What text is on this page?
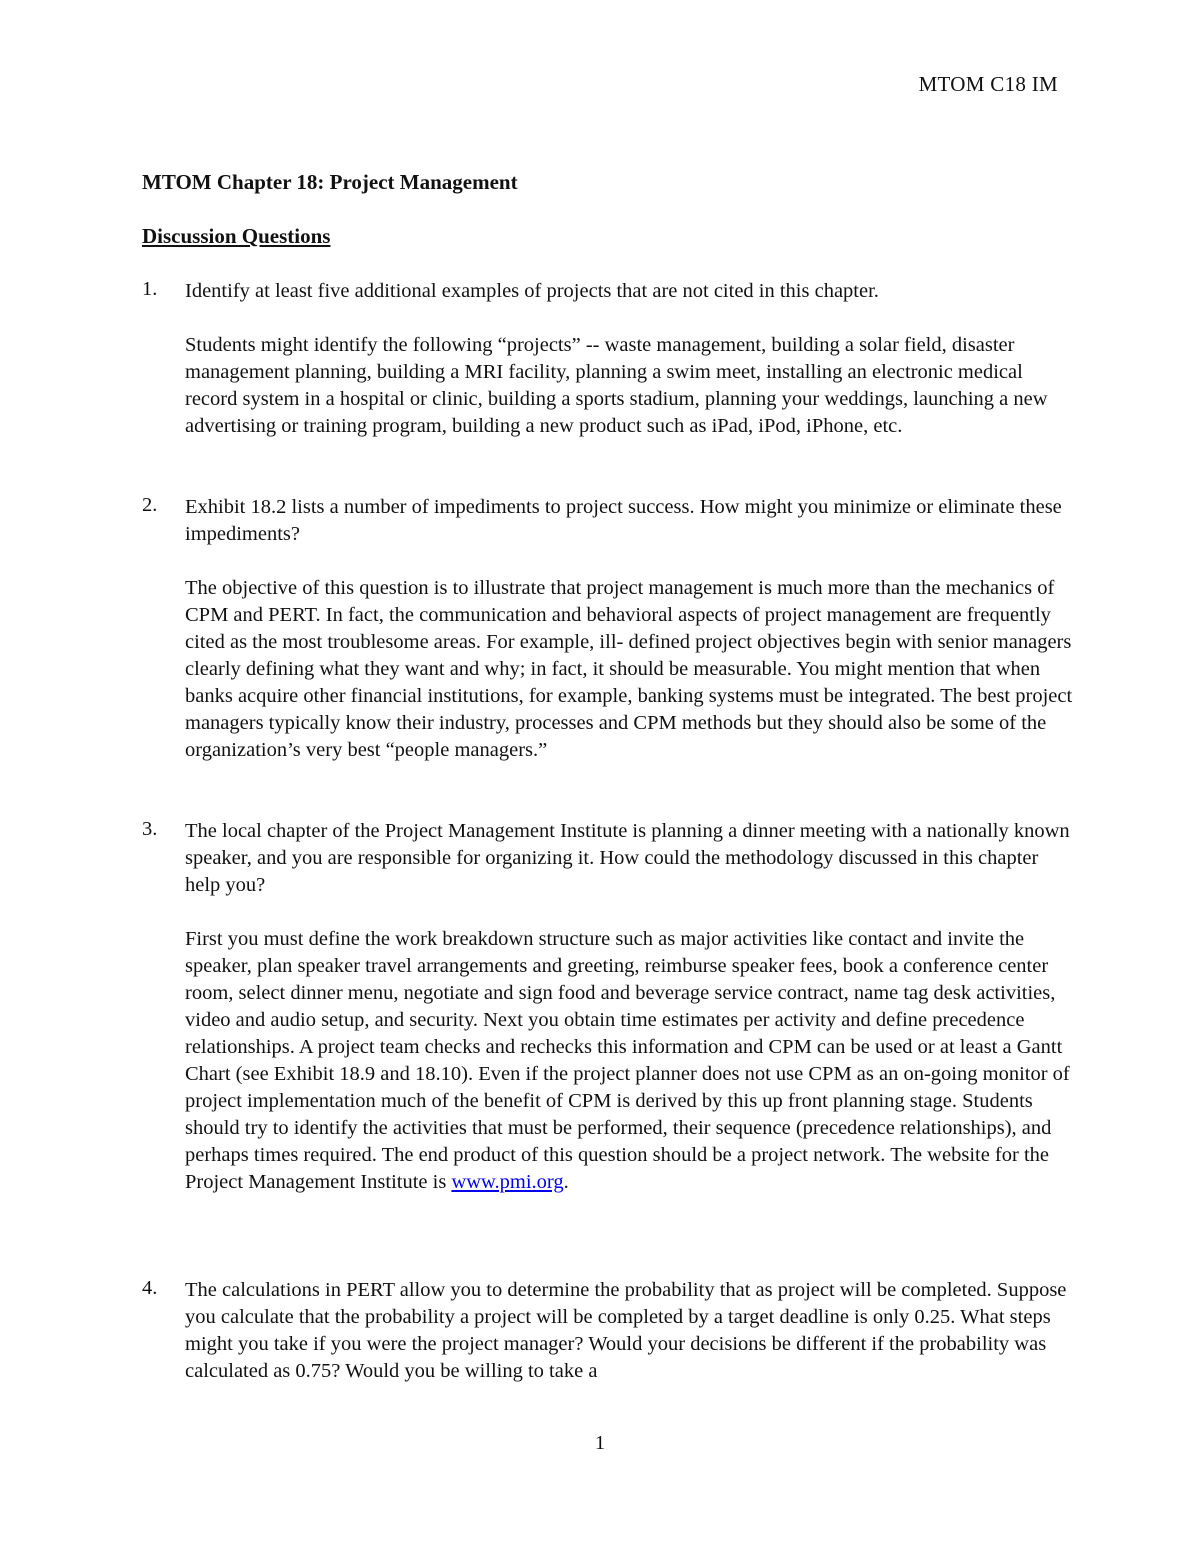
MTOM C18 IM
MTOM Chapter 18: Project Management
Discussion Questions
1. Identify at least five additional examples of projects that are not cited in this chapter.

Students might identify the following “projects” -- waste management, building a solar field, disaster management planning, building a MRI facility, planning a swim meet, installing an electronic medical record system in a hospital or clinic, building a sports stadium, planning your weddings, launching a new advertising or training program, building a new product such as iPad, iPod, iPhone, etc.

2. Exhibit 18.2 lists a number of impediments to project success. How might you minimize or eliminate these impediments?

The objective of this question is to illustrate that project management is much more than the mechanics of CPM and PERT. In fact, the communication and behavioral aspects of project management are frequently cited as the most troublesome areas. For example, ill- defined project objectives begin with senior managers clearly defining what they want and why; in fact, it should be measurable. You might mention that when banks acquire other financial institutions, for example, banking systems must be integrated. The best project managers typically know their industry, processes and CPM methods but they should also be some of the organization’s very best “people managers.”

3. The local chapter of the Project Management Institute is planning a dinner meeting with a nationally known speaker, and you are responsible for organizing it. How could the methodology discussed in this chapter help you?

First you must define the work breakdown structure such as major activities like contact and invite the speaker, plan speaker travel arrangements and greeting, reimburse speaker fees, book a conference center room, select dinner menu, negotiate and sign food and beverage service contract, name tag desk activities, video and audio setup, and security. Next you obtain time estimates per activity and define precedence relationships. A project team checks and rechecks this information and CPM can be used or at least a Gantt Chart (see Exhibit 18.9 and 18.10). Even if the project planner does not use CPM as an on-going monitor of project implementation much of the benefit of CPM is derived by this up front planning stage. Students should try to identify the activities that must be performed, their sequence (precedence relationships), and perhaps times required. The end product of this question should be a project network. The website for the Project Management Institute is www.pmi.org.

4. The calculations in PERT allow you to determine the probability that as project will be completed. Suppose you calculate that the probability a project will be completed by a target deadline is only 0.25. What steps might you take if you were the project manager? Would your decisions be different if the probability was calculated as 0.75? Would you be willing to take a

1
